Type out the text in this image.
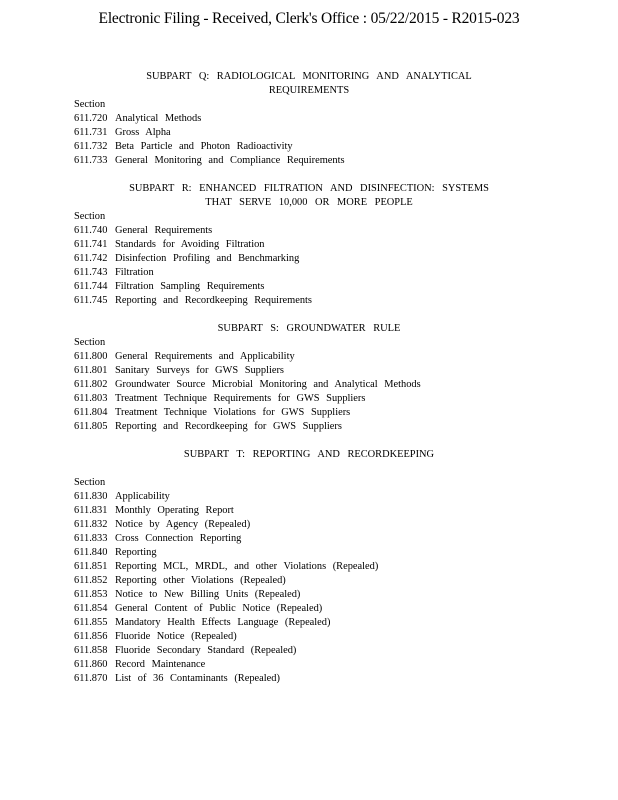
Electronic Filing - Received, Clerk's Office : 05/22/2015 - R2015-023
SUBPART Q: RADIOLOGICAL MONITORING AND ANALYTICAL
REQUIREMENTS
Section
611.720 Analytical Methods
611.731 Gross Alpha
611.732 Beta Particle and Photon Radioactivity
611.733 General Monitoring and Compliance Requirements
SUBPART R: ENHANCED FILTRATION AND DISINFECTION: SYSTEMS
THAT SERVE 10,000 OR MORE PEOPLE
Section
611.740 General Requirements
611.741 Standards for Avoiding Filtration
611.742 Disinfection Profiling and Benchmarking
611.743 Filtration
611.744 Filtration Sampling Requirements
611.745 Reporting and Recordkeeping Requirements
SUBPART S: GROUNDWATER RULE
Section
611.800 General Requirements and Applicability
611.801 Sanitary Surveys for GWS Suppliers
611.802 Groundwater Source Microbial Monitoring and Analytical Methods
611.803 Treatment Technique Requirements for GWS Suppliers
611.804 Treatment Technique Violations for GWS Suppliers
611.805 Reporting and Recordkeeping for GWS Suppliers
SUBPART T: REPORTING AND RECORDKEEPING
Section
611.830 Applicability
611.831 Monthly Operating Report
611.832 Notice by Agency (Repealed)
611.833 Cross Connection Reporting
611.840 Reporting
611.851 Reporting MCL, MRDL, and other Violations (Repealed)
611.852 Reporting other Violations (Repealed)
611.853 Notice to New Billing Units (Repealed)
611.854 General Content of Public Notice (Repealed)
611.855 Mandatory Health Effects Language (Repealed)
611.856 Fluoride Notice (Repealed)
611.858 Fluoride Secondary Standard (Repealed)
611.860 Record Maintenance
611.870 List of 36 Contaminants (Repealed)
